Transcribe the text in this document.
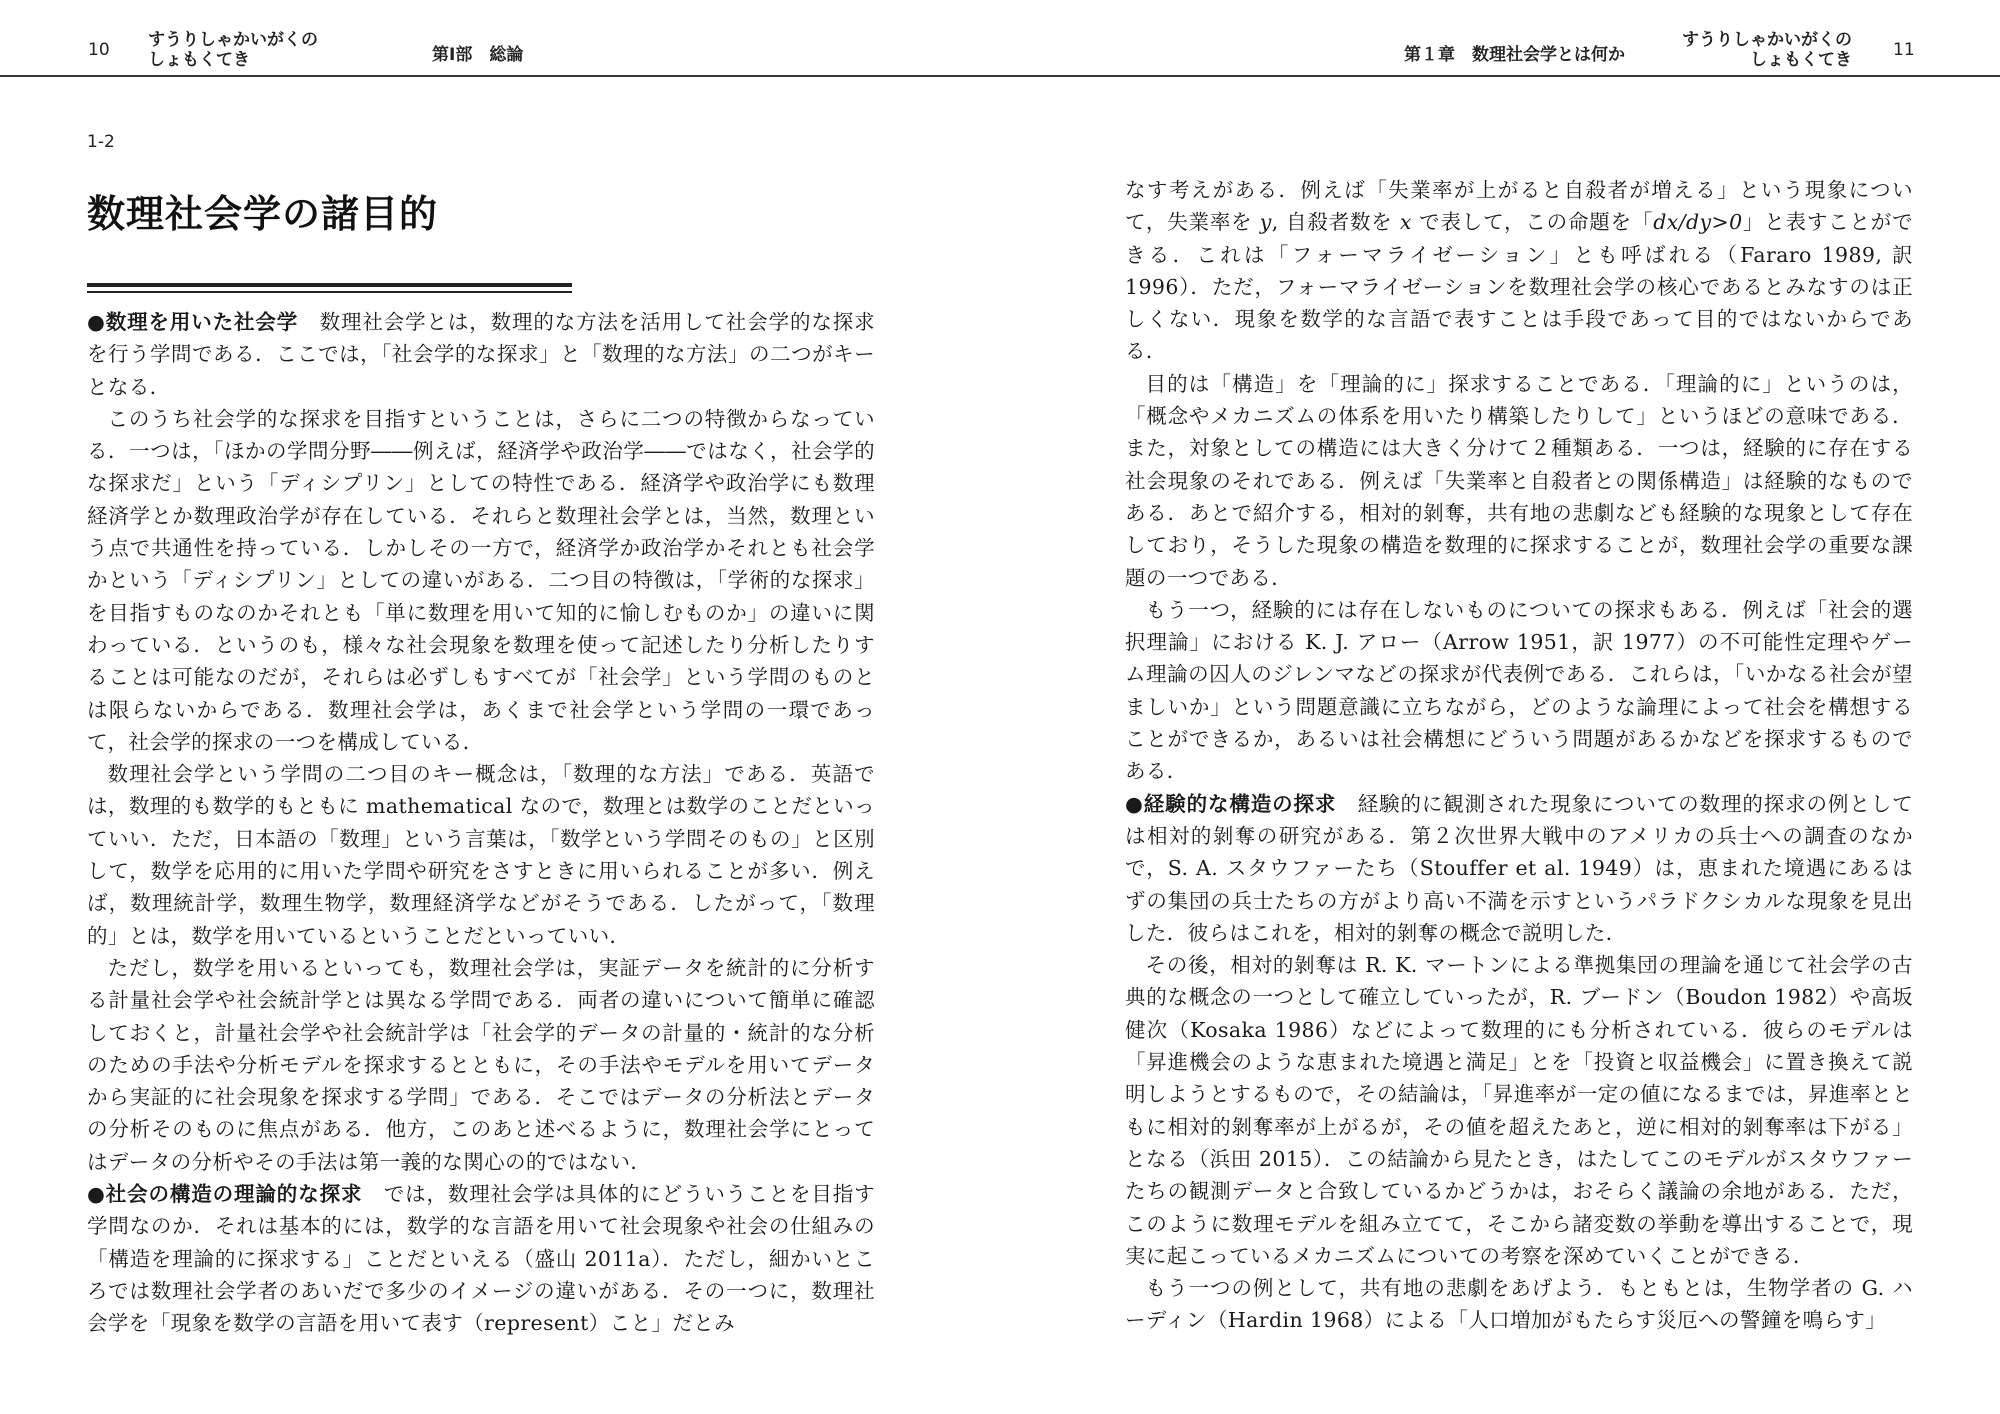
10 すうりしゃかいがくの
しょもくてき	第Ⅰ部　総論
1-2
数理社会学の諸目的

●数理を用いた社会学　数理社会学とは，数理的な方法を活用して社会学的な探求を行う学問である．ここでは，「社会学的な探求」と「数理的な方法」の二つがキーとなる．

このうち社会学的な探求を目指すということは，さらに二つの特徴からなっている．一つは，「ほかの学問分野――例えば，経済学や政治学――ではなく，社会学的な探求だ」という「ディシプリン」としての特性である．経済学や政治学にも数理経済学とか数理政治学が存在している．それらと数理社会学とは，当然，数理という点で共通性を持っている．しかしその一方で，経済学か政治学かそれとも社会学かという「ディシプリン」としての違いがある．二つ目の特徴は，「学術的な探求」を目指すものなのかそれとも「単に数理を用いて知的に愉しむものか」の違いに関わっている．というのも，様々な社会現象を数理を使って記述したり分析したりすることは可能なのだが，それらは必ずしもすべてが「社会学」という学問のものとは限らないからである．数理社会学は，あくまで社会学という学問の一環であって，社会学的探求の一つを構成している．

数理社会学という学問の二つ目のキー概念は，「数理的な方法」である．英語では，数理的も数学的もともに mathematical なので，数理とは数学のことだといっていい．ただ，日本語の「数理」という言葉は，「数学という学問そのもの」と区別して，数学を応用的に用いた学問や研究をさすときに用いられることが多い．例えば，数理統計学，数理生物学，数理経済学などがそうである．したがって，「数理的」とは，数学を用いているということだといっていい．

ただし，数学を用いるといっても，数理社会学は，実証データを統計的に分析する計量社会学や社会統計学とは異なる学問である．両者の違いについて簡単に確認しておくと，計量社会学や社会統計学は「社会学的データの計量的・統計的な分析のための手法や分析モデルを探求するとともに，その手法やモデルを用いてデータから実証的に社会現象を探求する学問」である．そこではデータの分析法とデータの分析そのものに焦点がある．他方，このあと述べるように，数理社会学にとってはデータの分析やその手法は第一義的な関心の的ではない．

●社会の構造の理論的な探求　では，数理社会学は具体的にどういうことを目指す学問なのか．それは基本的には，数学的な言語を用いて社会現象や社会の仕組みの「構造を理論的に探求する」ことだといえる（盛山 2011a）．ただし，細かいところでは数理社会学者のあいだで多少のイメージの違いがある．その一つに，数理社会学を「現象を数学の言語を用いて表す（represent）こと」だとみ

第１章　数理社会学とは何か
すうりしゃかいがくの
しょもくてき 11

なす考えがある．例えば「失業率が上がると自殺者が増える」という現象について，失業率を y, 自殺者数を x で表して，この命題を「dx/dy>0」と表すことができる．これは「フォーマライゼーション」とも呼ばれる（Fararo 1989, 訳 1996）．ただ，フォーマライゼーションを数理社会学の核心であるとみなすのは正しくない．現象を数学的な言語で表すことは手段であって目的ではないからである．

目的は「構造」を「理論的に」探求することである．「理論的に」というのは，「概念やメカニズムの体系を用いたり構築したりして」というほどの意味である．また，対象としての構造には大きく分けて２種類ある．一つは，経験的に存在する社会現象のそれである．例えば「失業率と自殺者との関係構造」は経験的なものである．あとで紹介する，相対的剝奪，共有地の悲劇なども経験的な現象として存在しており，そうした現象の構造を数理的に探求することが，数理社会学の重要な課題の一つである．

もう一つ，経験的には存在しないものについての探求もある．例えば「社会的選択理論」における K. J. アロー（Arrow 1951，訳 1977）の不可能性定理やゲーム理論の囚人のジレンマなどの探求が代表例である．これらは，「いかなる社会が望ましいか」という問題意識に立ちながら，どのような論理によって社会を構想することができるか，あるいは社会構想にどういう問題があるかなどを探求するものである．

●経験的な構造の探求　経験的に観測された現象についての数理的探求の例としては相対的剝奪の研究がある．第２次世界大戦中のアメリカの兵士への調査のなかで，S. A. スタウファーたち（Stouffer et al. 1949）は，恵まれた境遇にあるはずの集団の兵士たちの方がより高い不満を示すというパラドクシカルな現象を見出した．彼らはこれを，相対的剝奪の概念で説明した．

その後，相対的剝奪は R. K. マートンによる準拠集団の理論を通じて社会学の古典的な概念の一つとして確立していったが，R. ブードン（Boudon 1982）や高坂健次（Kosaka 1986）などによって数理的にも分析されている．彼らのモデルは「昇進機会のような恵まれた境遇と満足」とを「投資と収益機会」に置き換えて説明しようとするもので，その結論は，「昇進率が一定の値になるまでは，昇進率とともに相対的剝奪率が上がるが，その値を超えたあと，逆に相対的剝奪率は下がる」となる（浜田 2015）．この結論から見たとき，はたしてこのモデルがスタウファーたちの観測データと合致しているかどうかは，おそらく議論の余地がある．ただ，このように数理モデルを組み立てて，そこから諸変数の挙動を導出することで，現実に起こっているメカニズムについての考察を深めていくことができる．

もう一つの例として，共有地の悲劇をあげよう．もともとは，生物学者の G. ハーディン（Hardin 1968）による「人口増加がもたらす災厄への警鐘を鳴らす」
